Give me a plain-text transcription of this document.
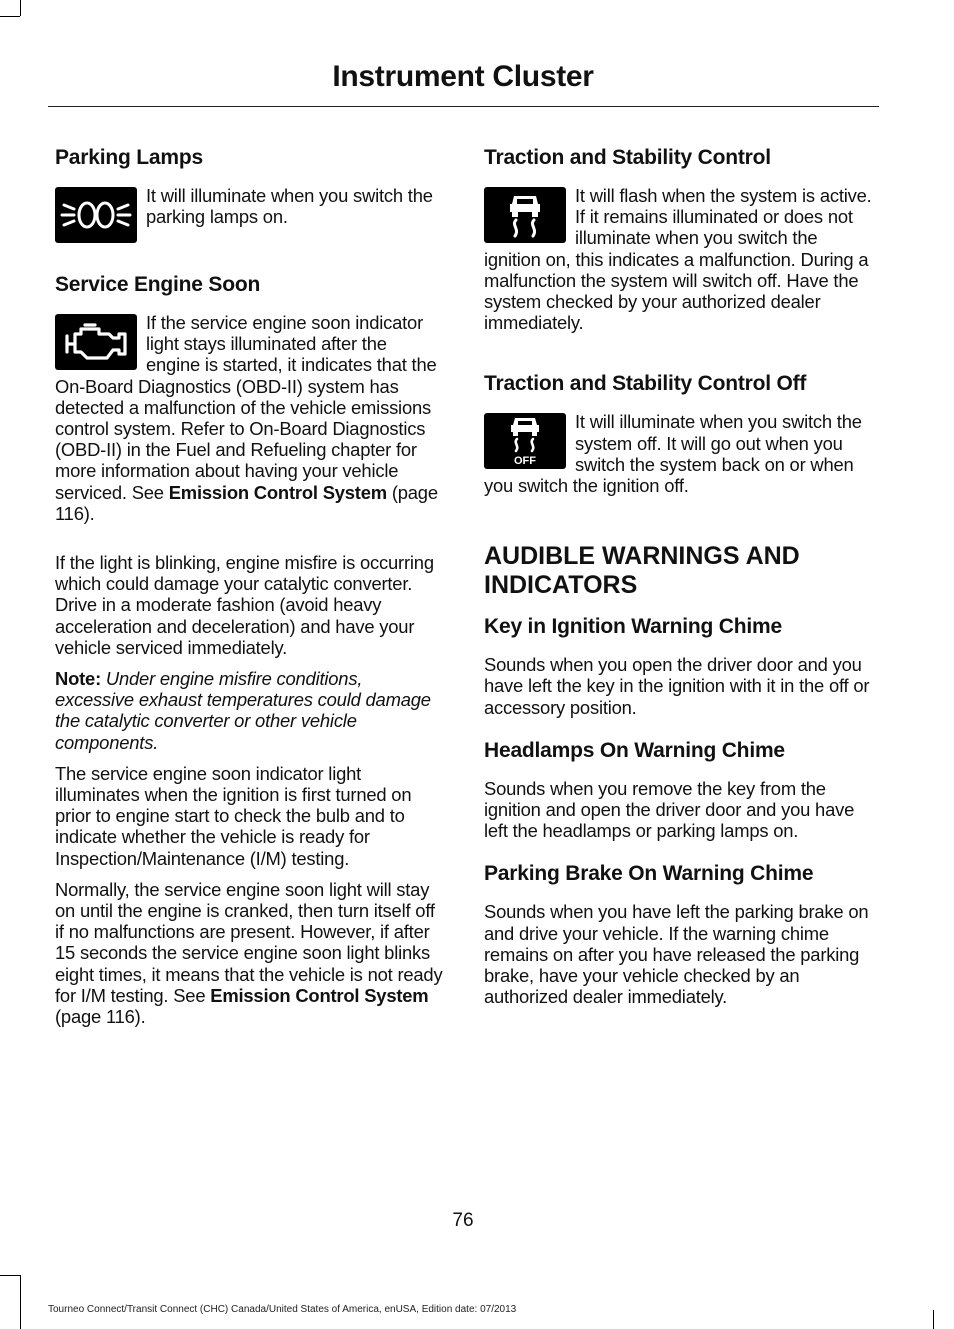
Instrument Cluster
Parking Lamps

It will illuminate when you switch the parking lamps on.

Service Engine Soon

If the service engine soon indicator light stays illuminated after the engine is started, it indicates that the On-Board Diagnostics (OBD-II) system has detected a malfunction of the vehicle emissions control system. Refer to On-Board Diagnostics (OBD-II) in the Fuel and Refueling chapter for more information about having your vehicle serviced. See Emission Control System (page 116).

If the light is blinking, engine misfire is occurring which could damage your catalytic converter. Drive in a moderate fashion (avoid heavy acceleration and deceleration) and have your vehicle serviced immediately.

Note: Under engine misfire conditions, excessive exhaust temperatures could damage the catalytic converter or other vehicle components.

The service engine soon indicator light illuminates when the ignition is first turned on prior to engine start to check the bulb and to indicate whether the vehicle is ready for Inspection/Maintenance (I/M) testing.

Normally, the service engine soon light will stay on until the engine is cranked, then turn itself off if no malfunctions are present. However, if after 15 seconds the service engine soon light blinks eight times, it means that the vehicle is not ready for I/M testing. See Emission Control System (page 116).

Traction and Stability Control

It will flash when the system is active. If it remains illuminated or does not illuminate when you switch the ignition on, this indicates a malfunction. During a malfunction the system will switch off. Have the system checked by your authorized dealer immediately.

Traction and Stability Control Off
OFF

It will illuminate when you switch the system off. It will go out when you switch the system back on or when you switch the ignition off.

AUDIBLE WARNINGS AND INDICATORS
Key in Ignition Warning Chime

Sounds when you open the driver door and you have left the key in the ignition with it in the off or accessory position.

Headlamps On Warning Chime

Sounds when you remove the key from the ignition and open the driver door and you have left the headlamps or parking lamps on.

Parking Brake On Warning Chime

Sounds when you have left the parking brake on and drive your vehicle. If the warning chime remains on after you have released the parking brake, have your vehicle checked by an authorized dealer immediately.

76
Tourneo Connect/Transit Connect (CHC) Canada/United States of America, enUSA, Edition date: 07/2013
